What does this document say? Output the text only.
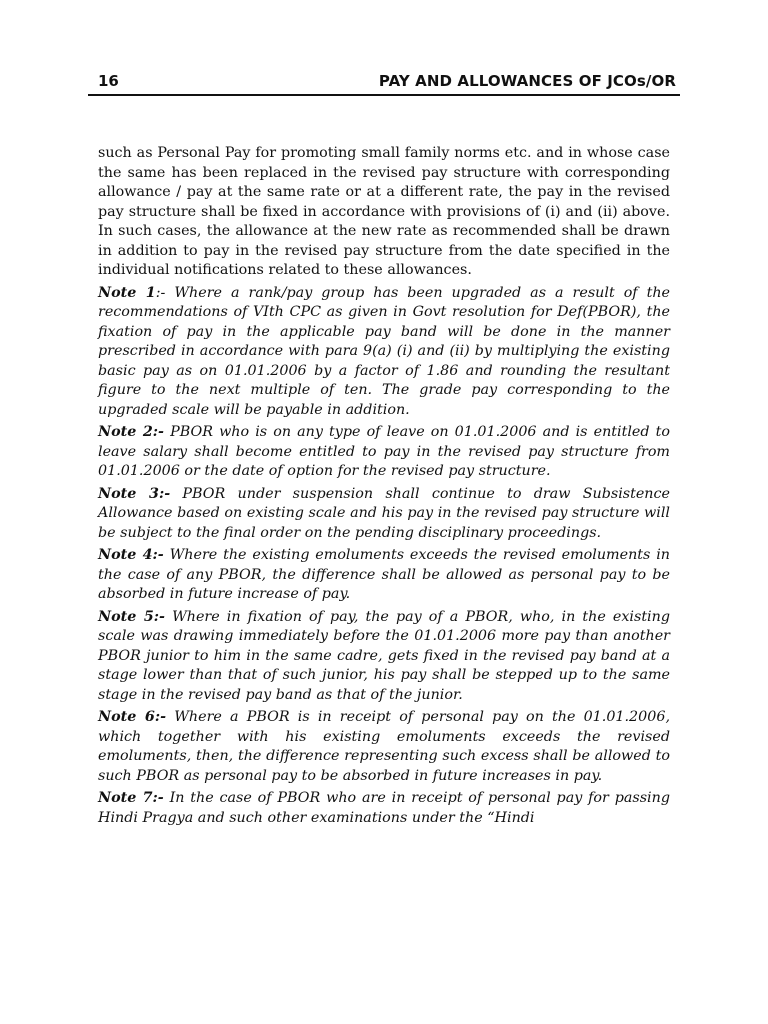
16	PAY AND ALLOWANCES OF JCOs/OR

such as Personal Pay for promoting small family norms etc. and in whose case the same has been replaced in the revised pay structure with corresponding allowance / pay at the same rate or at a different rate, the pay in the revised pay structure shall be fixed in accordance with provisions of (i) and (ii) above. In such cases, the allowance at the new rate as recommended shall be drawn in addition to pay in the revised pay structure from the date specified in the individual notifications related to these allowances.

Note 1:- Where a rank/pay group has been upgraded as a result of the recommendations of VIth CPC as given in Govt resolution for Def(PBOR), the fixation of pay in the applicable pay band will be done in the manner prescribed in accordance with para 9(a) (i) and (ii) by multiplying the existing basic pay as on 01.01.2006 by a factor of 1.86 and rounding the resultant figure to the next multiple of ten. The grade pay corresponding to the upgraded scale will be payable in addition.

Note 2:- PBOR who is on any type of leave on 01.01.2006 and is entitled to leave salary shall become entitled to pay in the revised pay structure from 01.01.2006 or the date of option for the revised pay structure.

Note 3:- PBOR under suspension shall continue to draw Subsistence Allowance based on existing scale and his pay in the revised pay structure will be subject to the final order on the pending disciplinary proceedings.

Note 4:- Where the existing emoluments exceeds the revised emoluments in the case of any PBOR, the difference shall be allowed as personal pay to be absorbed in future increase of pay.

Note 5:- Where in fixation of pay, the pay of a PBOR, who, in the existing scale was drawing immediately before the 01.01.2006 more pay than another PBOR junior to him in the same cadre, gets fixed in the revised pay band at a stage lower than that of such junior, his pay shall be stepped up to the same stage in the revised pay band as that of the junior.

Note 6:- Where a PBOR is in receipt of personal pay on the 01.01.2006, which together with his existing emoluments exceeds the revised emoluments, then, the difference representing such excess shall be allowed to such PBOR as personal pay to be absorbed in future increases in pay.

Note 7:- In the case of PBOR who are in receipt of personal pay for passing Hindi Pragya and such other examinations under the “Hindi
